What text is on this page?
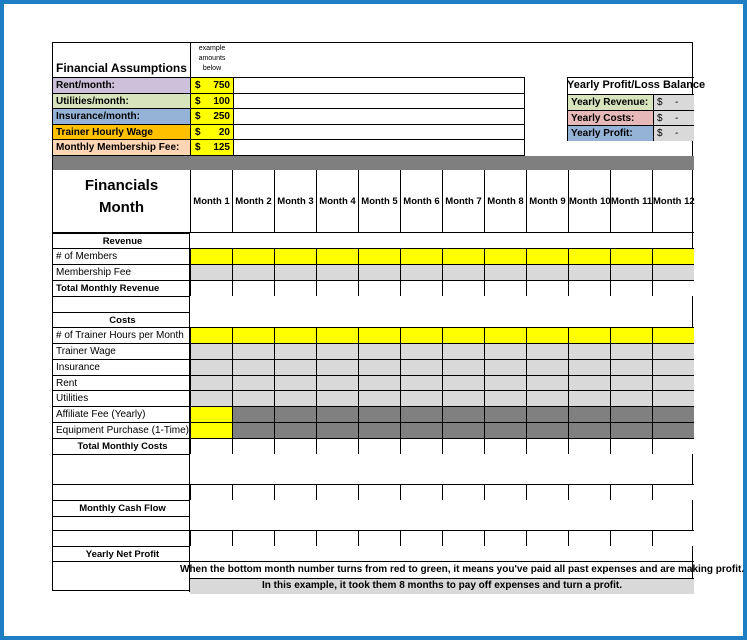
Financial Assumptions
example
amounts
below
Rent/month:	$ 750
Utilities/month:	$ 100
Insurance/month:	$ 250
Trainer Hourly Wage	$ 20
Monthly Membership Fee:	$ 125
Yearly Profit/Loss Balance
Yearly Revenue: $ -
Yearly Costs:	$ -
Yearly Profit:	$ -
Financials
Month	Month 1 Month 2 Month 3 Month 4 Month 5 Month 6 Month 7 Month 8 Month 9 Month 10 Month 11 Month 12
Revenue
# of Members
Membership Fee
Total Monthly Revenue
Costs
# of Trainer Hours per Month
Trainer Wage
Insurance
Rent
Utilities
Affiliate Fee (Yearly)
Equipment Purchase (1-Time)
Total Monthly Costs
Monthly Cash Flow
Yearly Net Profit
When the bottom month number turns from red to green, it means you've paid all past expenses and are making profit.
In this example, it took them 8 months to pay off expenses and turn a profit.
